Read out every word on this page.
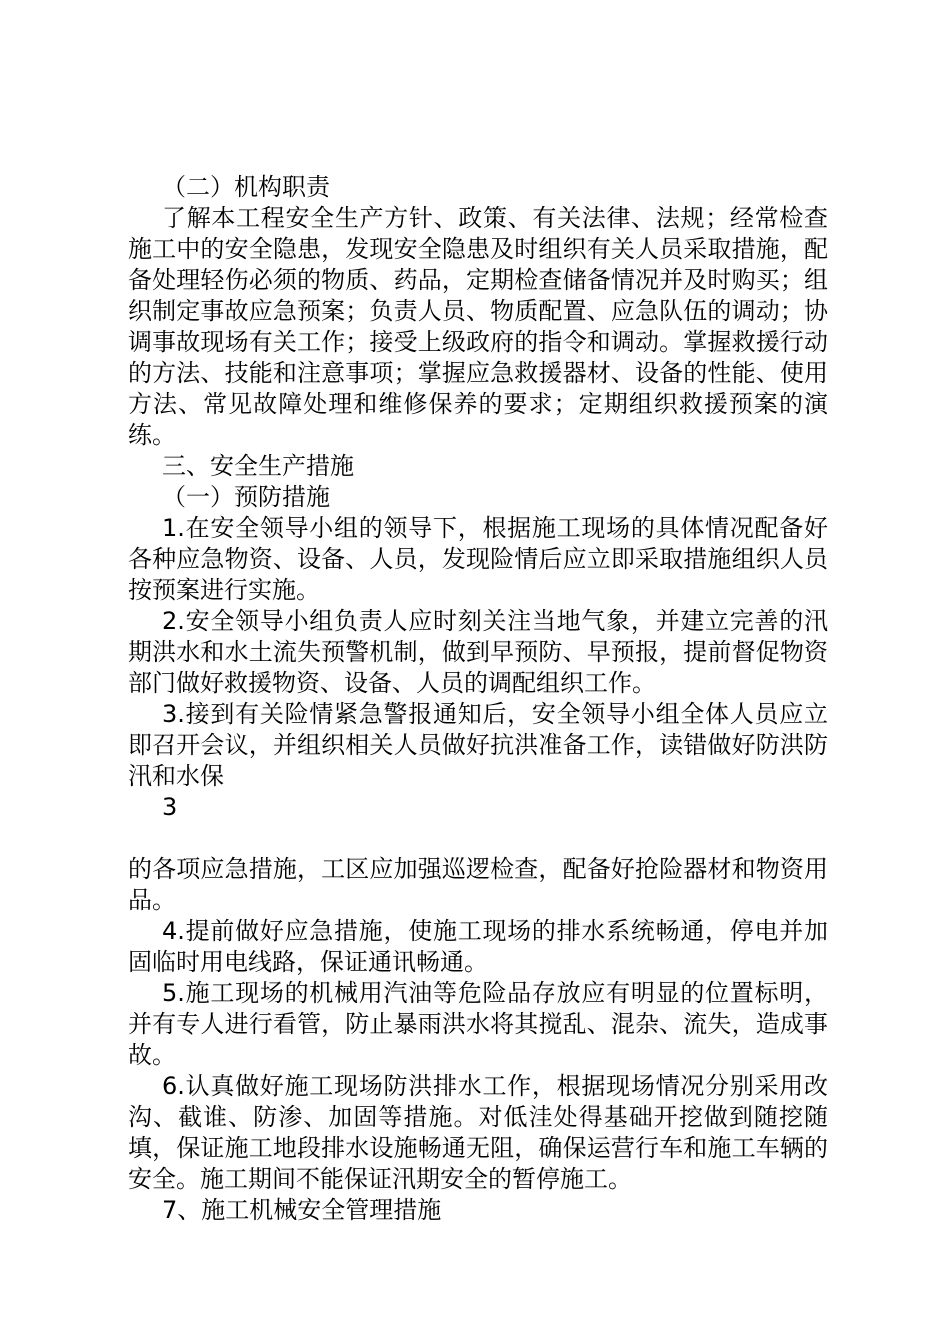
（二）机构职责

了解本工程安全生产方针、政策、有关法律、法规；经常检查施工中的安全隐患，发现安全隐患及时组织有关人员采取措施，配备处理轻伤必须的物质、药品，定期检查储备情况并及时购买；组织制定事故应急预案；负责人员、物质配置、应急队伍的调动；协调事故现场有关工作；接受上级政府的指令和调动。掌握救援行动的方法、技能和注意事项；掌握应急救援器材、设备的性能、使用方法、常见故障处理和维修保养的要求；定期组织救援预案的演练。

三、安全生产措施

（一）预防措施

1.在安全领导小组的领导下，根据施工现场的具体情况配备好各种应急物资、设备、人员，发现险情后应立即采取措施组织人员按预案进行实施。

2.安全领导小组负责人应时刻关注当地气象，并建立完善的汛期洪水和水土流失预警机制，做到早预防、早预报，提前督促物资部门做好救援物资、设备、人员的调配组织工作。

3.接到有关险情紧急警报通知后，安全领导小组全体人员应立即召开会议，并组织相关人员做好抗洪准备工作，读错做好防洪防汛和水保

3

的各项应急措施，工区应加强巡逻检查，配备好抢险器材和物资用品。

4.提前做好应急措施，使施工现场的排水系统畅通，停电并加固临时用电线路，保证通讯畅通。

5.施工现场的机械用汽油等危险品存放应有明显的位置标明，并有专人进行看管，防止暴雨洪水将其搅乱、混杂、流失，造成事故。

6.认真做好施工现场防洪排水工作，根据现场情况分别采用改沟、截谁、防渗、加固等措施。对低洼处得基础开挖做到随挖随填，保证施工地段排水设施畅通无阻，确保运营行车和施工车辆的安全。施工期间不能保证汛期安全的暂停施工。

7、施工机械安全管理措施
